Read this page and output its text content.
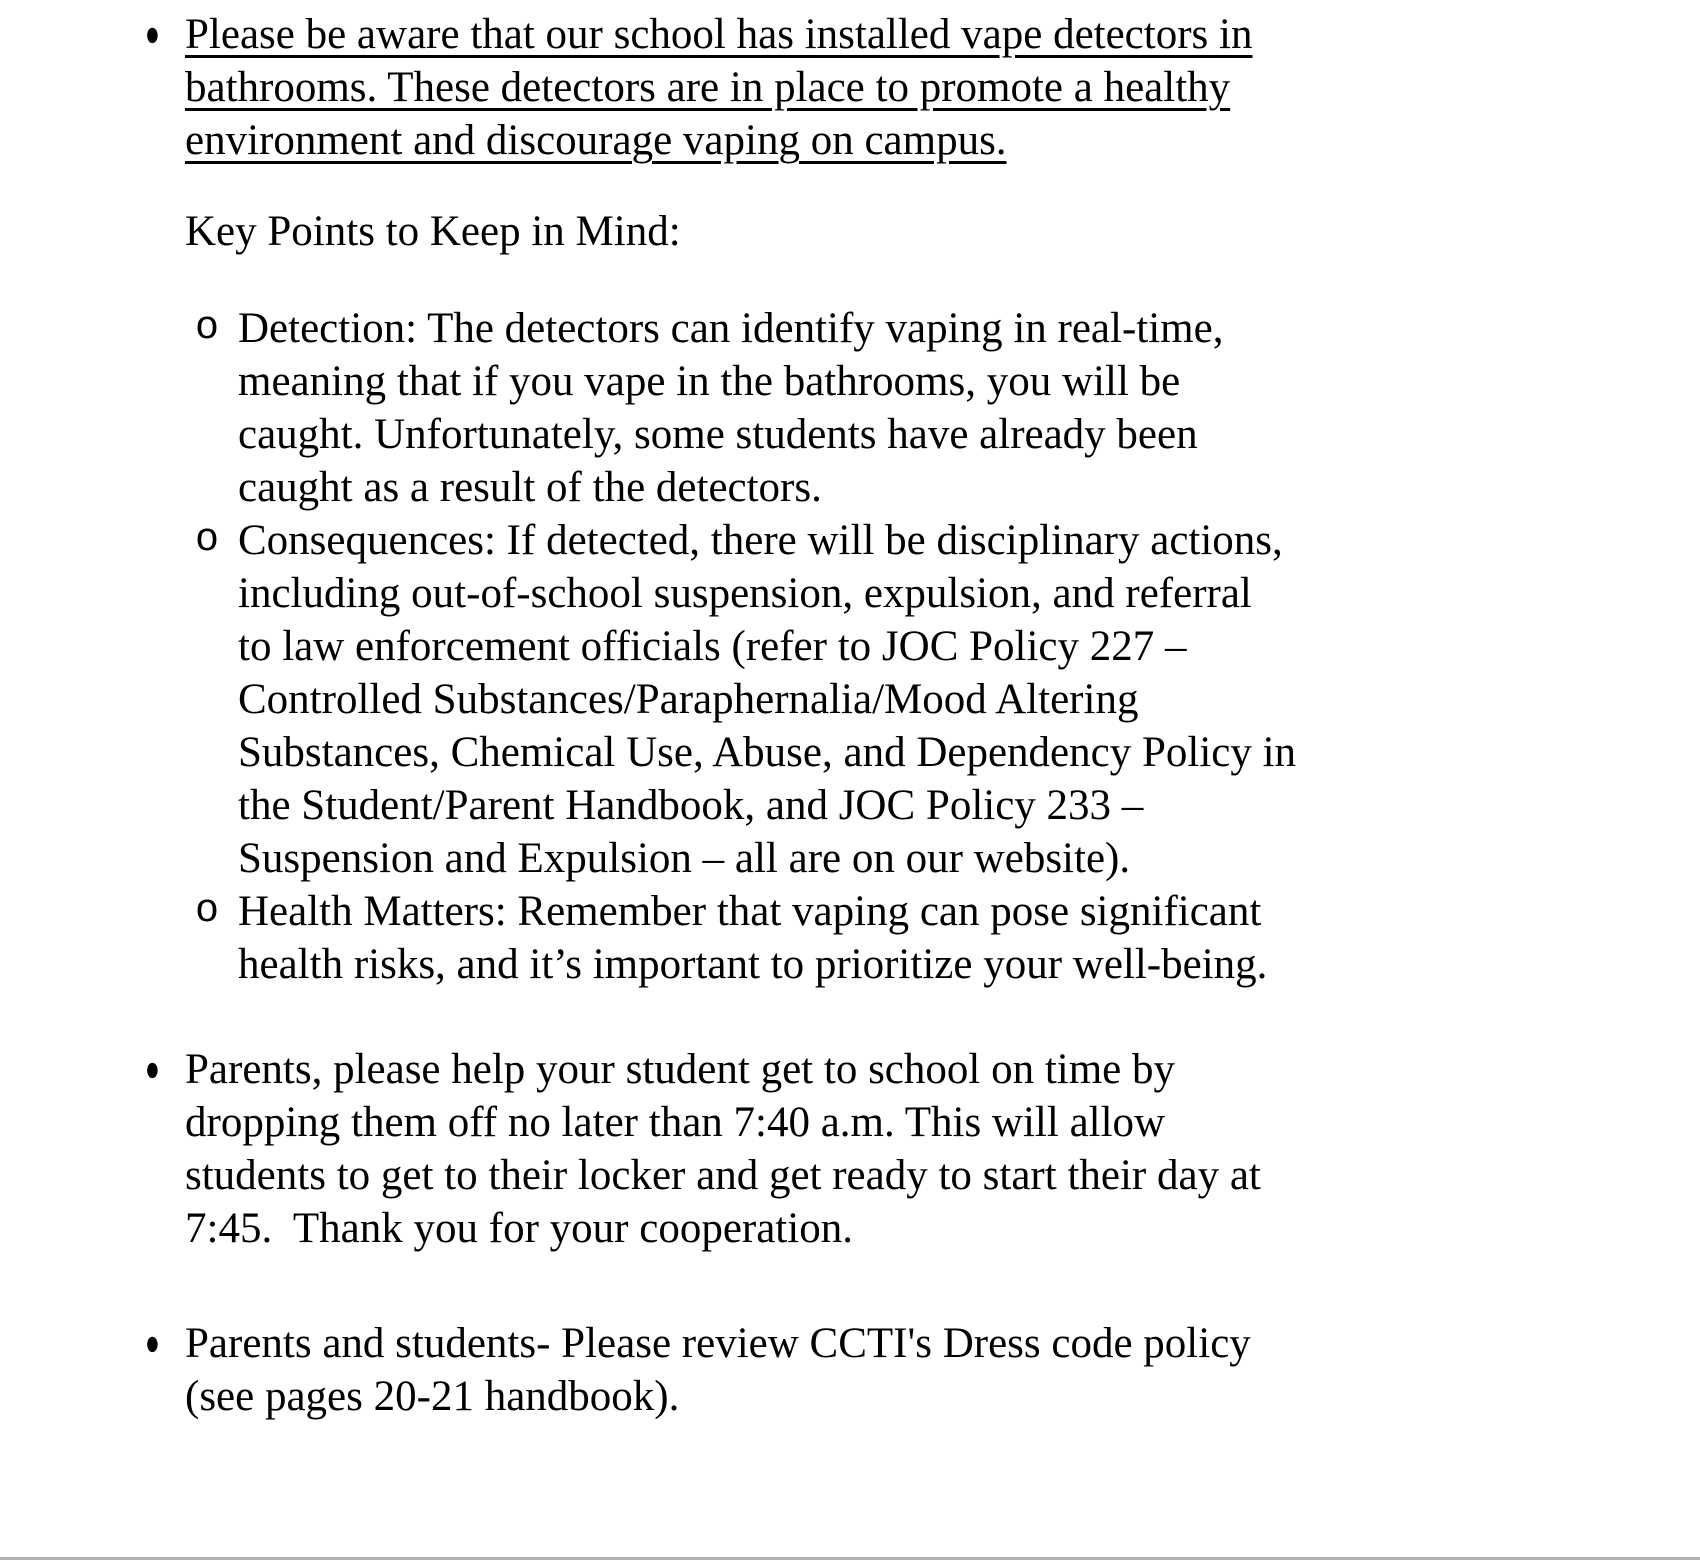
● Please be aware that our school has installed vape detectors in
bathrooms. These detectors are in place to promote a healthy
environment and discourage vaping on campus.
Key Points to Keep in Mind:
o Detection: The detectors can identify vaping in real-time,
meaning that if you vape in the bathrooms, you will be
caught. Unfortunately, some students have already been
caught as a result of the detectors.
o Consequences: If detected, there will be disciplinary actions,
including out-of-school suspension, expulsion, and referral
to law enforcement officials (refer to JOC Policy 227 –
Controlled Substances/Paraphernalia/Mood Altering
Substances, Chemical Use, Abuse, and Dependency Policy in
the Student/Parent Handbook, and JOC Policy 233 –
Suspension and Expulsion – all are on our website).
o Health Matters: Remember that vaping can pose significant
health risks, and it’s important to prioritize your well-being.
● Parents, please help your student get to school on time by
dropping them off no later than 7:40 a.m. This will allow
students to get to their locker and get ready to start their day at
7:45.  Thank you for your cooperation.
● Parents and students- Please review CCTI's Dress code policy
(see pages 20-21 handbook).
